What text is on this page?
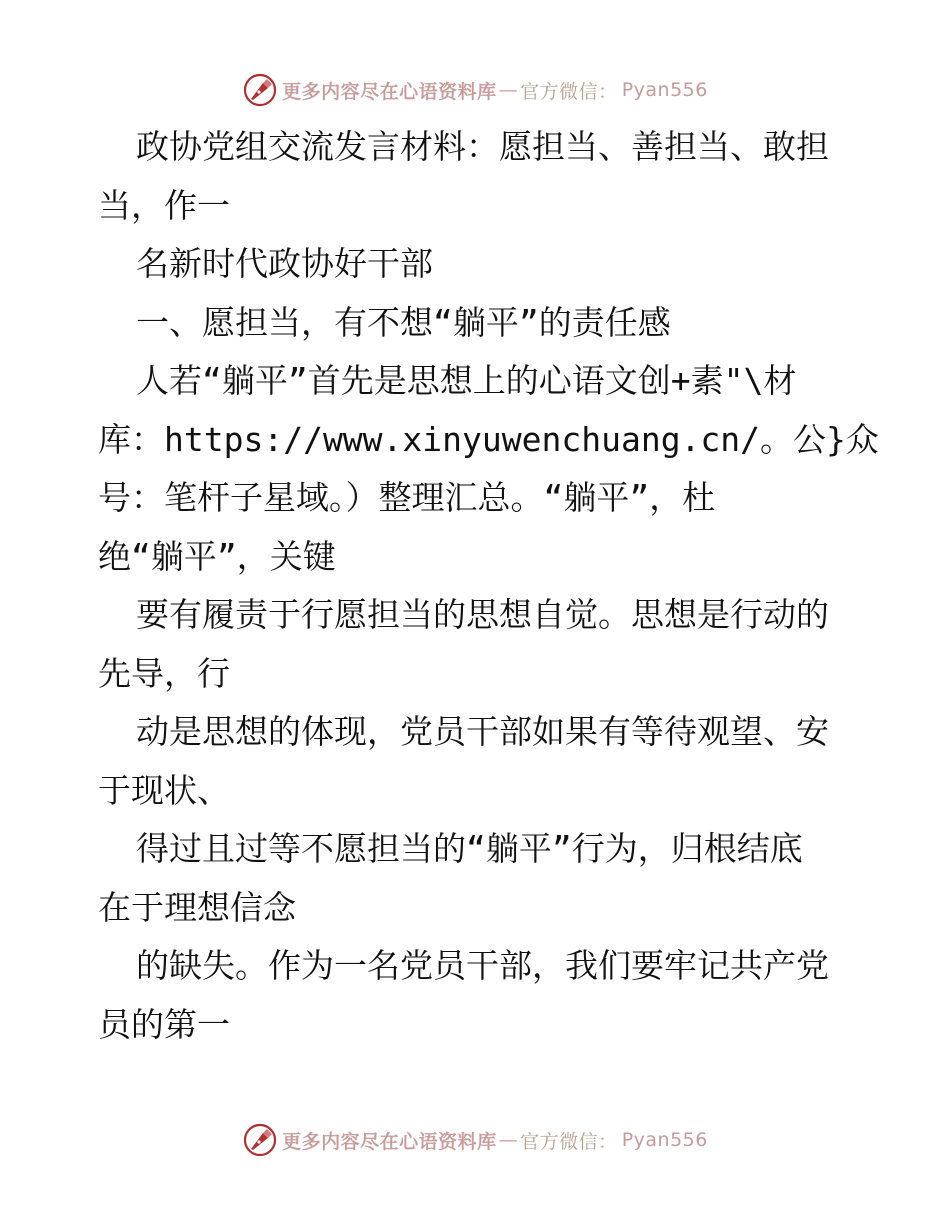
更多内容尽在心语资料库 — 官方微信： Pyan556

政协党组交流发言材料：愿担当、善担当、敢担

当，作一

名新时代政协好干部

一、愿担当，有不想“躺平”的责任感

人若“躺平”首先是思想上的心语文创+素"\材

库：https://www.xinyuwenchuang.cn/。公}众

号：笔杆子星域。）整理汇总。“躺平”，杜

绝“躺平”，关键

要有履责于行愿担当的思想自觉。思想是行动的

先导，行

动是思想的体现，党员干部如果有等待观望、安

于现状、

得过且过等不愿担当的“躺平”行为，归根结底

在于理想信念

的缺失。作为一名党员干部，我们要牢记共产党

员的第一

更多内容尽在心语资料库 — 官方微信： Pyan556
